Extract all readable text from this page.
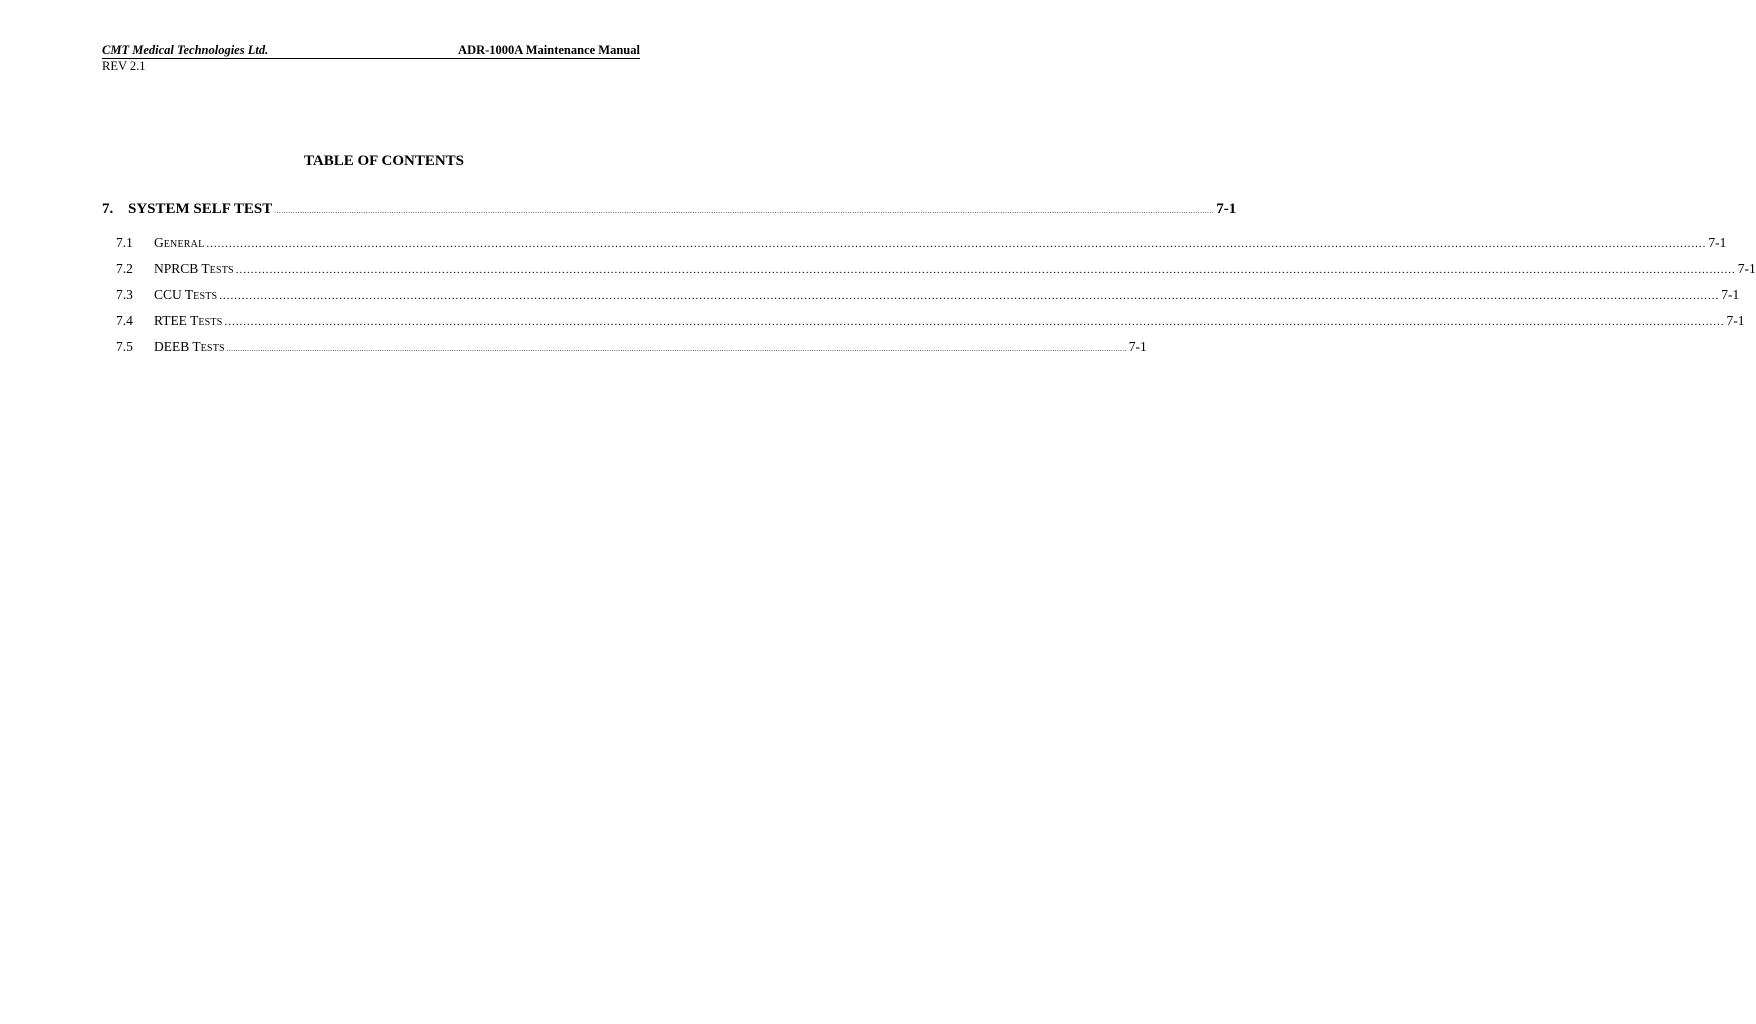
CMT Medical Technologies Ltd.	ADR-1000A Maintenance Manual
REV 2.1
TABLE OF CONTENTS
7. SYSTEM SELF TEST ................................................................................................................................................................................................................................................................................................................................................................................................................ 7-1
7.1	GENERAL ................................................................................................................................................................................................................................................................................................................................................................................................................ 7-1
7.2	NPRCB TESTS ................................................................................................................................................................................................................................................................................................................................................................................................................ 7-1
7.3	CCU TESTS ................................................................................................................................................................................................................................................................................................................................................................................................................ 7-1
7.4	RTEE TESTS ................................................................................................................................................................................................................................................................................................................................................................................................................ 7-1
7.5	DEEB TESTS ................................................................................................................................................................................................................................................................................................................................................................................................................ 7-1
